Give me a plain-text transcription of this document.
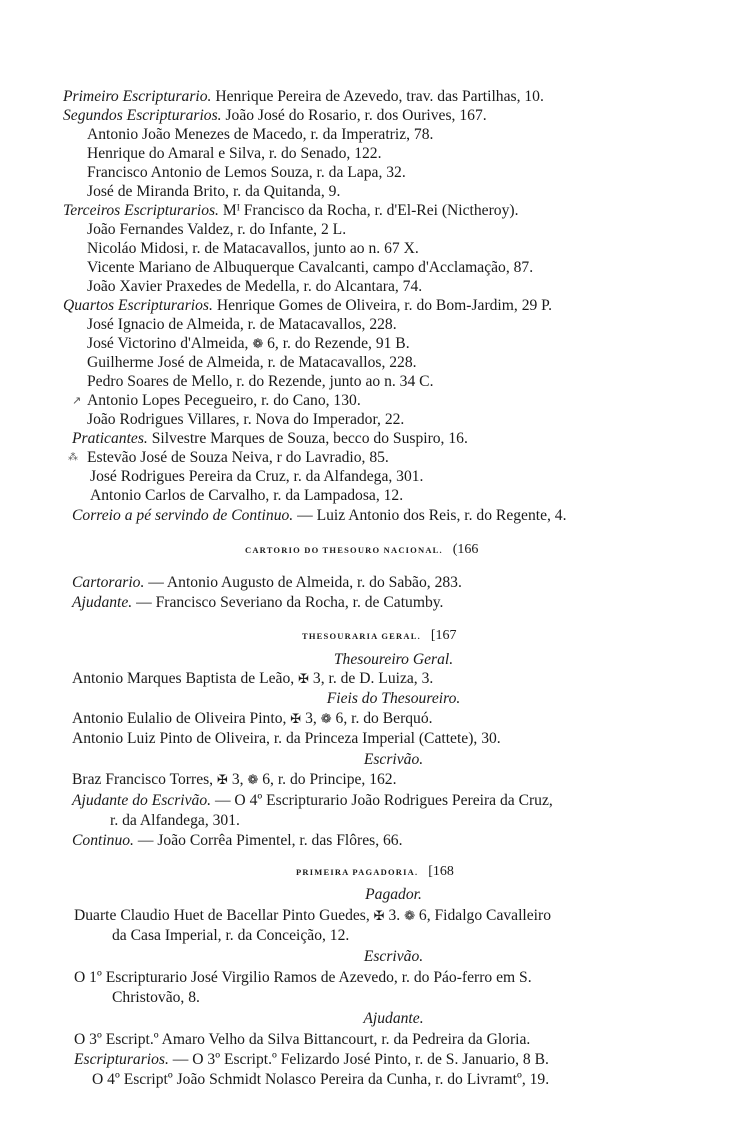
Primeiro Escripturario. Henrique Pereira de Azevedo, trav. das Partilhas, 10.
Segundos Escripturarios. João José do Rosario, r. dos Ourives, 167.
Antonio João Menezes de Macedo, r. da Imperatriz, 78.
Henrique do Amaral e Silva, r. do Senado, 122.
Francisco Antonio de Lemos Souza, r. da Lapa, 32.
José de Miranda Brito, r. da Quitanda, 9.
Terceiros Escripturarios. Mᴵ Francisco da Rocha, r. d'El-Rei (Nictheroy).
João Fernandes Valdez, r. do Infante, 2 L.
Nicoláo Midosi, r. de Matacavallos, junto ao n. 67 X.
Vicente Mariano de Albuquerque Cavalcanti, campo d'Acclamação, 87.
João Xavier Praxedes de Medella, r. do Alcantara, 74.
Quartos Escripturarios. Henrique Gomes de Oliveira, r. do Bom-Jardim, 29 P.
José Ignacio de Almeida, r. de Matacavallos, 228.
José Victorino d'Almeida, ❁ 6, r. do Rezende, 91 B.
Guilherme José de Almeida, r. de Matacavallos, 228.
Pedro Soares de Mello, r. do Rezende, junto ao n. 34 C.
↗ Antonio Lopes Pecegueiro, r. do Cano, 130.
João Rodrigues Villares, r. Nova do Imperador, 22.
Praticantes. Silvestre Marques de Souza, becco do Suspiro, 16.
⁂ Estevão José de Souza Neiva, r do Lavradio, 85.
José Rodrigues Pereira da Cruz, r. da Alfandega, 301.
Antonio Carlos de Carvalho, r. da Lampadosa, 12.
Correio a pé servindo de Continuo. — Luiz Antonio dos Reis, r. do Regente, 4.
CARTORIO DO THESOURO NACIONAL. (166
Cartorario. — Antonio Augusto de Almeida, r. do Sabão, 283.
Ajudante. — Francisco Severiano da Rocha, r. de Catumby.
THESOURARIA GERAL. [167
Thesoureiro Geral.
Antonio Marques Baptista de Leão, ✠ 3, r. de D. Luiza, 3.
Fieis do Thesoureiro.
Antonio Eulalio de Oliveira Pinto, ✠ 3, ❁ 6, r. do Berquó.
Antonio Luiz Pinto de Oliveira, r. da Princeza Imperial (Cattete), 30.
Escrivão.
Braz Francisco Torres, ✠ 3, ❁ 6, r. do Principe, 162.
Ajudante do Escrivão. — O 4º Escripturario João Rodrigues Pereira da Cruz,
r. da Alfandega, 301.
Continuo. — João Corrêa Pimentel, r. das Flôres, 66.
PRIMEIRA PAGADORIA. [168
Pagador.
Duarte Claudio Huet de Bacellar Pinto Guedes, ✠ 3. ❁ 6, Fidalgo Cavalleiro
da Casa Imperial, r. da Conceição, 12.
Escrivão.
O 1º Escripturario José Virgilio Ramos de Azevedo, r. do Páo-ferro em S.
Christovão, 8.
Ajudante.
O 3º Escript.º Amaro Velho da Silva Bittancourt, r. da Pedreira da Gloria.
Escripturarios. — O 3º Escript.º Felizardo José Pinto, r. de S. Januario, 8 B.
O 4º Escriptº João Schmidt Nolasco Pereira da Cunha, r. do Livramtº, 19.
